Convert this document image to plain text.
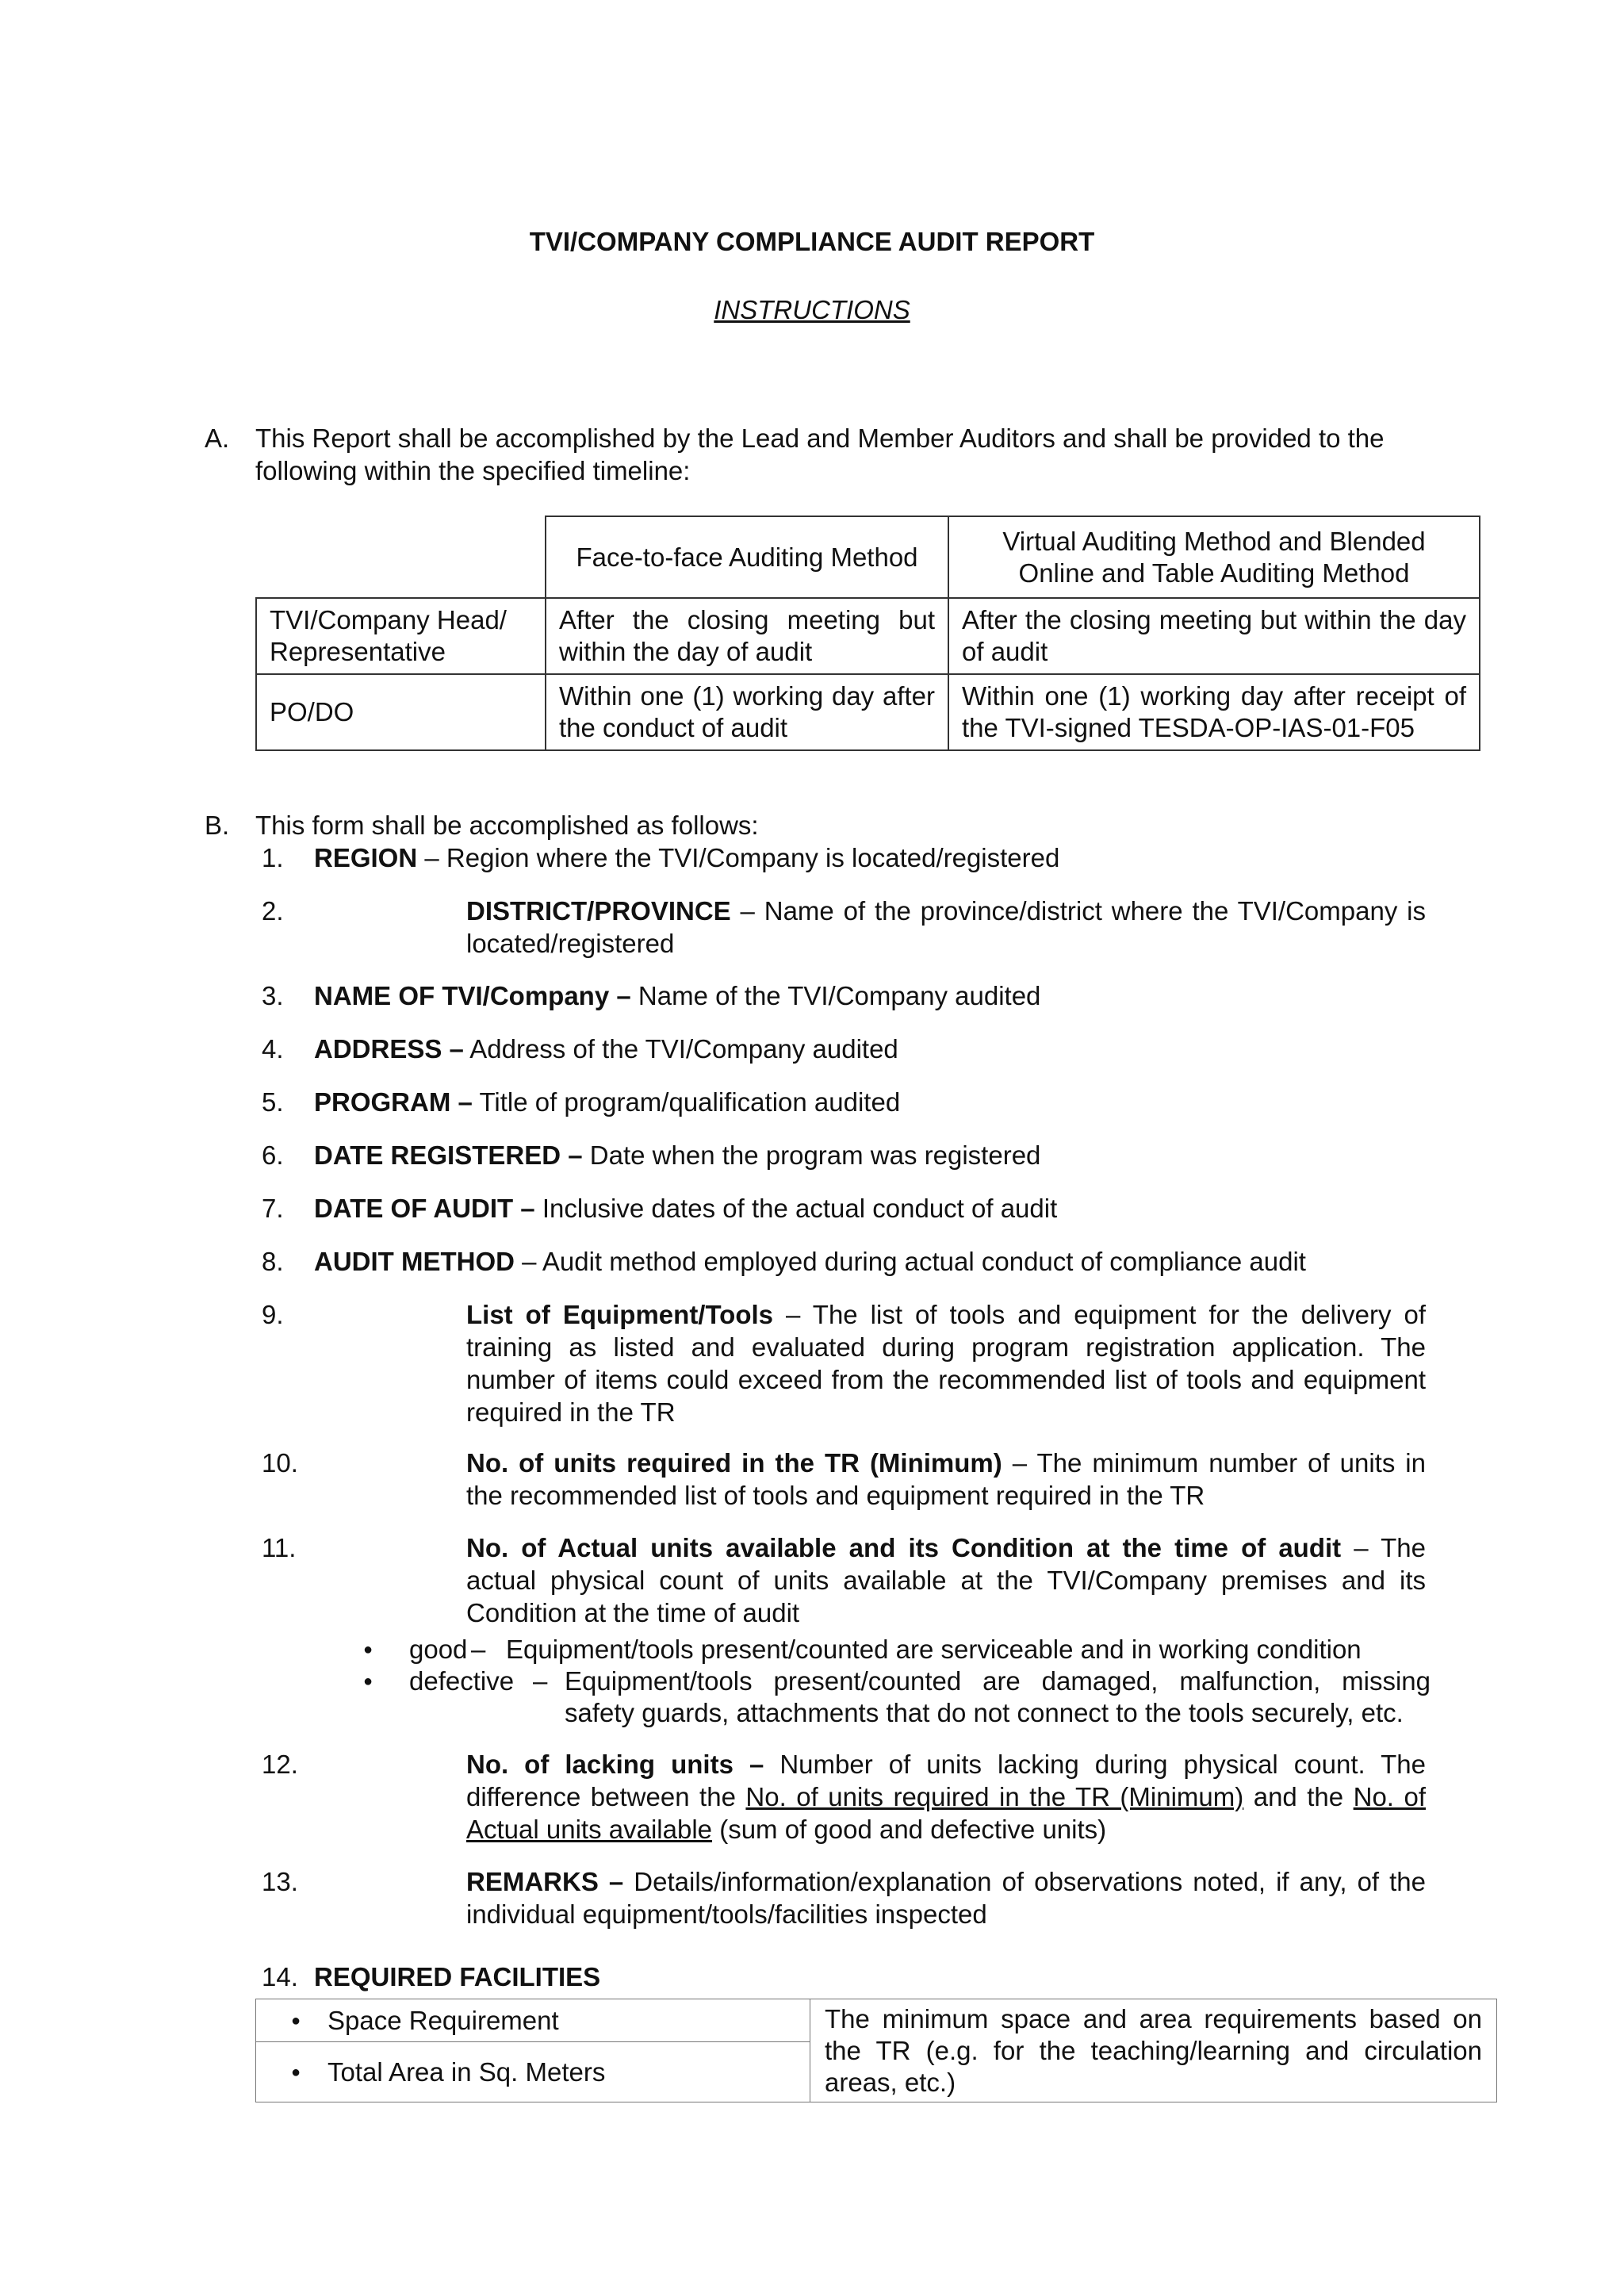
TVI/COMPANY COMPLIANCE AUDIT REPORT
INSTRUCTIONS
A. This Report shall be accomplished by the Lead and Member Auditors and shall be provided to the following within the specified timeline:
	Face-to-face Auditing Method	Virtual Auditing Method and Blended Online and Table Auditing Method
TVI/Company Head/ Representative	After the closing meeting but within the day of audit	After the closing meeting but within the day of audit
PO/DO	Within one (1) working day after the conduct of audit	Within one (1) working day after receipt of the TVI-signed TESDA-OP-IAS-01-F05
B. This form shall be accomplished as follows:
1. REGION – Region where the TVI/Company is located/registered
2.	DISTRICT/PROVINCE – Name of the province/district where the TVI/Company is located/registered
3. NAME OF TVI/Company – Name of the TVI/Company audited
4. ADDRESS – Address of the TVI/Company audited
5. PROGRAM – Title of program/qualification audited
6. DATE REGISTERED – Date when the program was registered
7. DATE OF AUDIT – Inclusive dates of the actual conduct of audit
8. AUDIT METHOD – Audit method employed during actual conduct of compliance audit
9.	List of Equipment/Tools – The list of tools and equipment for the delivery of training as listed and evaluated during program registration application. The number of items could exceed from the recommended list of tools and equipment required in the TR
10.	No. of units required in the TR (Minimum) – The minimum number of units in the recommended list of tools and equipment required in the TR
11.	No. of Actual units available and its Condition at the time of audit – The actual physical count of units available at the TVI/Company premises and its Condition at the time of audit
● good – Equipment/tools present/counted are serviceable and in working condition
● defective – Equipment/tools present/counted are damaged, malfunction, missing safety guards, attachments that do not connect to the tools securely, etc.
12.	No. of lacking units – Number of units lacking during physical count. The difference between the No. of units required in the TR (Minimum) and the No. of Actual units available (sum of good and defective units)
13.	REMARKS – Details/information/explanation of observations noted, if any, of the individual equipment/tools/facilities inspected
14. REQUIRED FACILITIES
● Space Requirement	The minimum space and area requirements based on the TR (e.g. for the teaching/learning and circulation areas, etc.)

● Total Area in Sq. Meters
